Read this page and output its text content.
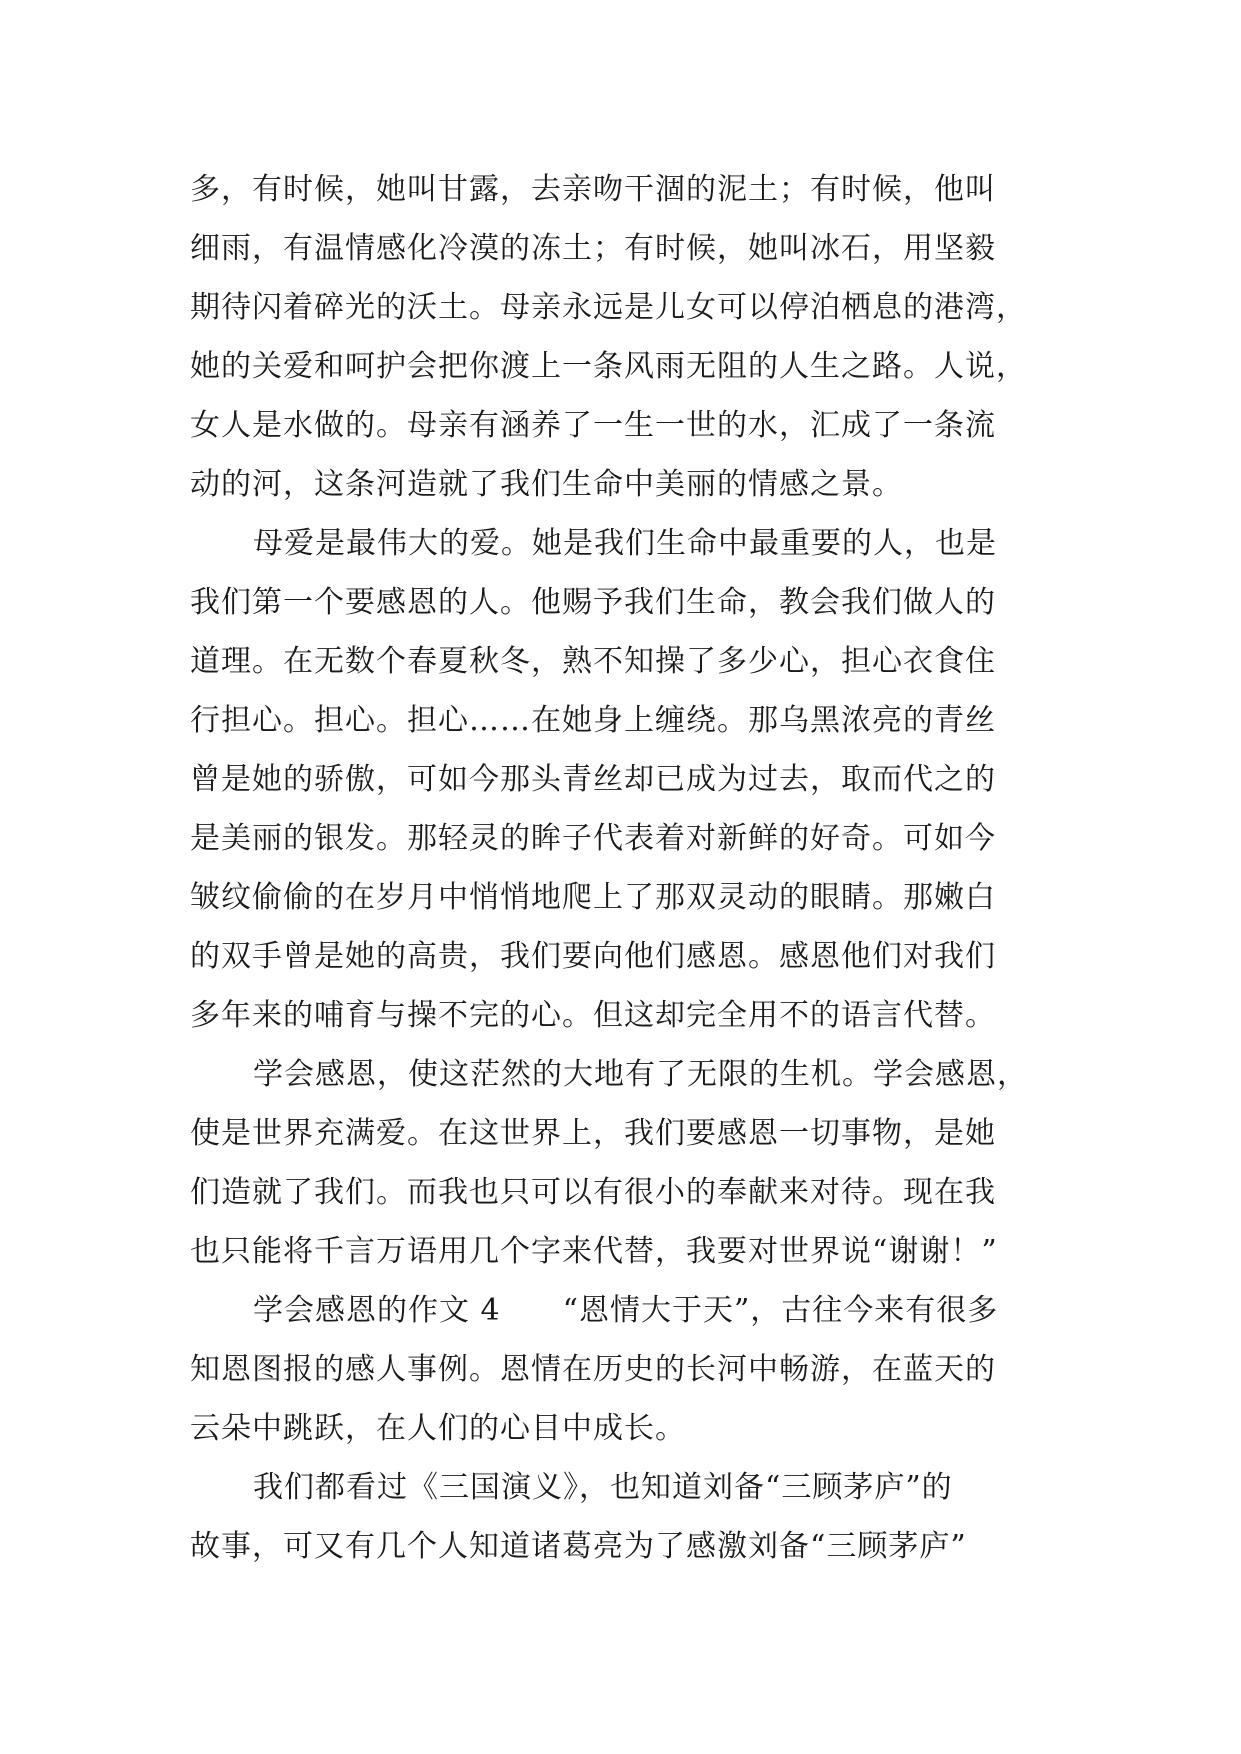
多，有时候，她叫甘露，去亲吻干涸的泥土；有时候，他叫
细雨，有温情感化冷漠的冻土；有时候，她叫冰石，用坚毅
期待闪着碎光的沃土。母亲永远是儿女可以停泊栖息的港湾，
她的关爱和呵护会把你渡上一条风雨无阻的人生之路。人说，
女人是水做的。母亲有涵养了一生一世的水，汇成了一条流
动的河，这条河造就了我们生命中美丽的情感之景。
母爱是最伟大的爱。她是我们生命中最重要的人，也是
我们第一个要感恩的人。他赐予我们生命，教会我们做人的
道理。在无数个春夏秋冬，熟不知操了多少心，担心衣食住
行担心。担心。担心……在她身上缠绕。那乌黑浓亮的青丝
曾是她的骄傲，可如今那头青丝却已成为过去，取而代之的
是美丽的银发。那轻灵的眸子代表着对新鲜的好奇。可如今
皱纹偷偷的在岁月中悄悄地爬上了那双灵动的眼睛。那嫩白
的双手曾是她的高贵，我们要向他们感恩。感恩他们对我们
多年来的哺育与操不完的心。但这却完全用不的语言代替。
学会感恩，使这茫然的大地有了无限的生机。学会感恩，
使是世界充满爱。在这世界上，我们要感恩一切事物，是她
们造就了我们。而我也只可以有很小的奉献来对待。现在我
也只能将千言万语用几个字来代替，我要对世界说“谢谢！”
学会感恩的作文 4　　“恩情大于天”，古往今来有很多
知恩图报的感人事例。恩情在历史的长河中畅游，在蓝天的
云朵中跳跃，在人们的心目中成长。
我们都看过《三国演义》，也知道刘备“三顾茅庐”的
故事，可又有几个人知道诸葛亮为了感激刘备“三顾茅庐”
